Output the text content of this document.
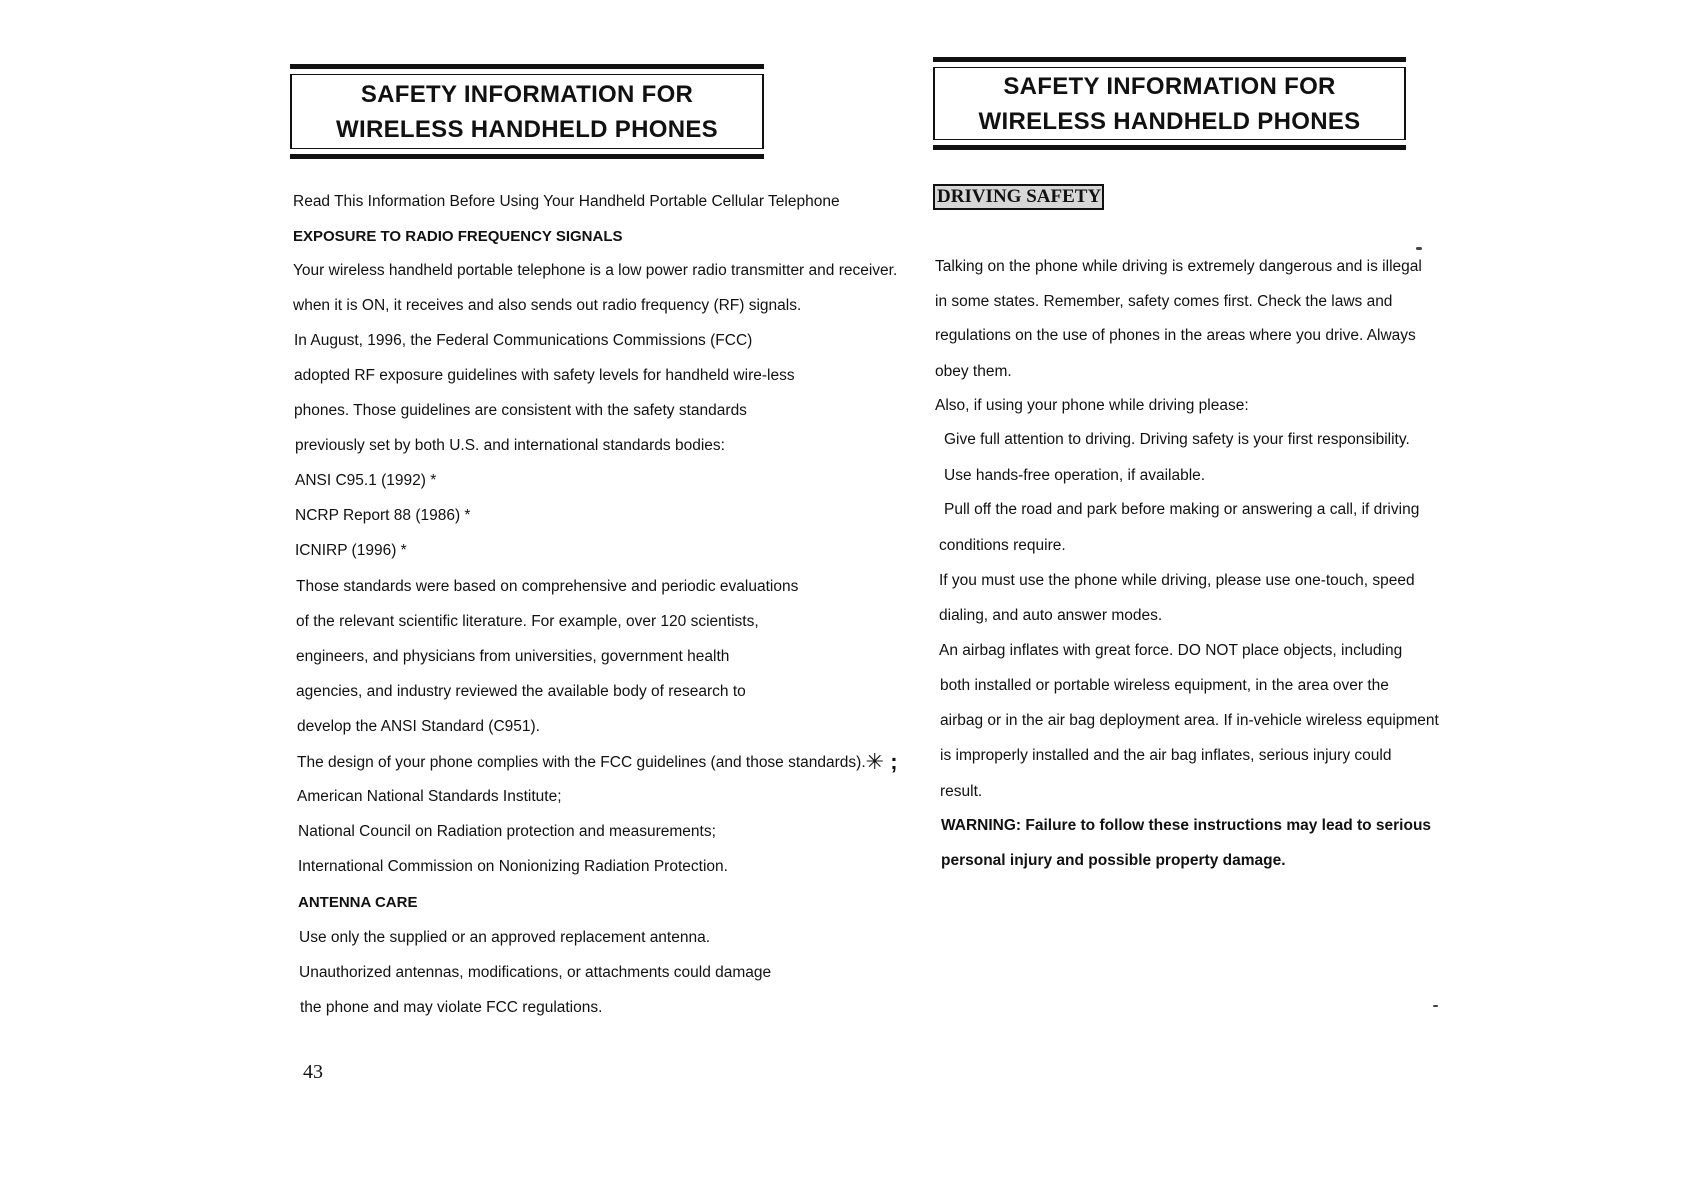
SAFETY INFORMATION FOR
WIRELESS HANDHELD PHONES
Read This Information Before Using Your Handheld Portable Cellular Telephone
EXPOSURE TO RADIO FREQUENCY SIGNALS
Your wireless handheld portable telephone is a low power radio transmitter and receiver.
when it is ON, it receives and also sends out radio frequency (RF) signals.
In August, 1996, the Federal Communications Commissions (FCC)
adopted RF exposure guidelines with safety levels for handheld wire-less
phones. Those guidelines are consistent with the safety standards
previously set by both U.S. and international standards bodies:
ANSI C95.1 (1992) *
NCRP Report 88 (1986) *
ICNIRP (1996) *
Those standards were based on comprehensive and periodic evaluations
of the relevant scientific literature. For example, over 120 scientists,
engineers, and physicians from universities, government health
agencies, and industry reviewed the available body of research to
develop the ANSI Standard (C951).
The design of your phone complies with the FCC guidelines (and those standards).✳ ;
American National Standards Institute;
National Council on Radiation protection and measurements;
International Commission on Nonionizing Radiation Protection.
ANTENNA CARE
Use only the supplied or an approved replacement antenna.
Unauthorized antennas, modifications, or attachments could damage
the phone and may violate FCC regulations.
43
SAFETY INFORMATION FOR
WIRELESS HANDHELD PHONES
DRIVING SAFETY
Talking on the phone while driving is extremely dangerous and is illegal
in some states. Remember, safety comes first. Check the laws and
regulations on the use of phones in the areas where you drive. Always
obey them.
Also, if using your phone while driving please:
Give full attention to driving. Driving safety is your first responsibility.
Use hands-free operation, if available.
Pull off the road and park before making or answering a call, if driving
conditions require.
If you must use the phone while driving, please use one-touch, speed
dialing, and auto answer modes.
An airbag inflates with great force. DO NOT place objects, including
both installed or portable wireless equipment, in the area over the
airbag or in the air bag deployment area. If in-vehicle wireless equipment
is improperly installed and the air bag inflates, serious injury could
result.
WARNING: Failure to follow these instructions may lead to serious
personal injury and possible property damage.
